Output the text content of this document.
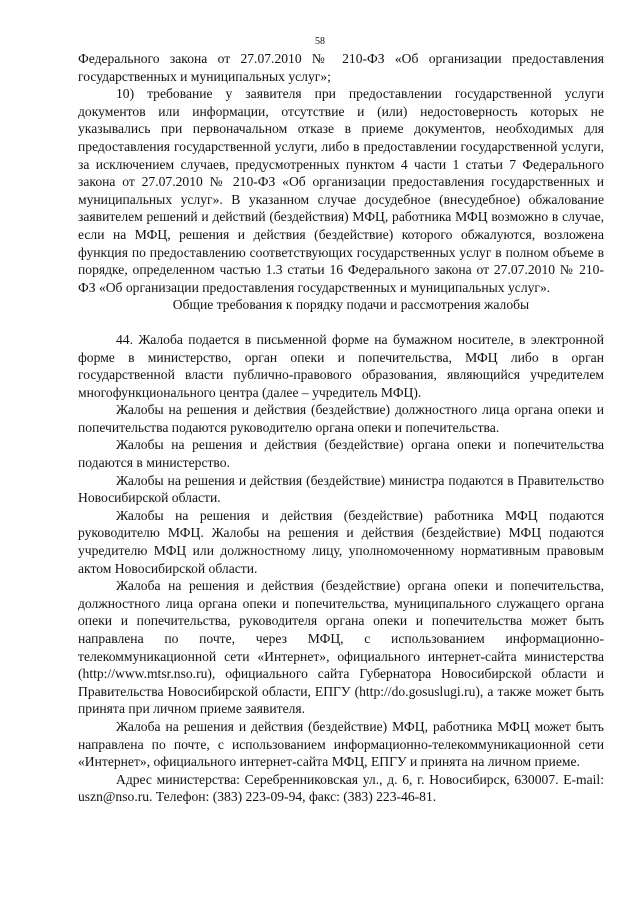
58

Федерального закона от 27.07.2010 № 210-ФЗ «Об организации предоставления государственных и муниципальных услуг»;

10) требование у заявителя при предоставлении государственной услуги документов или информации, отсутствие и (или) недостоверность которых не указывались при первоначальном отказе в приеме документов, необходимых для предоставления государственной услуги, либо в предоставлении государственной услуги, за исключением случаев, предусмотренных пунктом 4 части 1 статьи 7 Федерального закона от 27.07.2010 № 210-ФЗ «Об организации предоставления государственных и муниципальных услуг». В указанном случае досудебное (внесудебное) обжалование заявителем решений и действий (бездействия) МФЦ, работника МФЦ возможно в случае, если на МФЦ, решения и действия (бездействие) которого обжалуются, возложена функция по предоставлению соответствующих государственных услуг в полном объеме в порядке, определенном частью 1.3 статьи 16 Федерального закона от 27.07.2010 № 210-ФЗ «Об организации предоставления государственных и муниципальных услуг».

Общие требования к порядку подачи и рассмотрения жалобы

44. Жалоба подается в письменной форме на бумажном носителе, в электронной форме в министерство, орган опеки и попечительства, МФЦ либо в орган государственной власти публично-правового образования, являющийся учредителем многофункционального центра (далее – учредитель МФЦ).

Жалобы на решения и действия (бездействие) должностного лица органа опеки и попечительства подаются руководителю органа опеки и попечительства.

Жалобы на решения и действия (бездействие) органа опеки и попечительства подаются в министерство.

Жалобы на решения и действия (бездействие) министра подаются в Правительство Новосибирской области.

Жалобы на решения и действия (бездействие) работника МФЦ подаются руководителю МФЦ. Жалобы на решения и действия (бездействие) МФЦ подаются учредителю МФЦ или должностному лицу, уполномоченному нормативным правовым актом Новосибирской области.

Жалоба на решения и действия (бездействие) органа опеки и попечительства, должностного лица органа опеки и попечительства, муниципального служащего органа опеки и попечительства, руководителя органа опеки и попечительства может быть направлена по почте, через МФЦ, с использованием информационно-телекоммуникационной сети «Интернет», официального интернет-сайта министерства (http://www.mtsr.nso.ru), официального сайта Губернатора Новосибирской области и Правительства Новосибирской области, ЕПГУ (http://do.gosuslugi.ru), а также может быть принята при личном приеме заявителя.

Жалоба на решения и действия (бездействие) МФЦ, работника МФЦ может быть направлена по почте, с использованием информационно-телекоммуникационной сети «Интернет», официального интернет-сайта МФЦ, ЕПГУ и принята на личном приеме.

Адрес министерства: Серебренниковская ул., д. 6, г. Новосибирск, 630007. E-mail: uszn@nso.ru. Телефон: (383) 223-09-94, факс: (383) 223-46-81.
